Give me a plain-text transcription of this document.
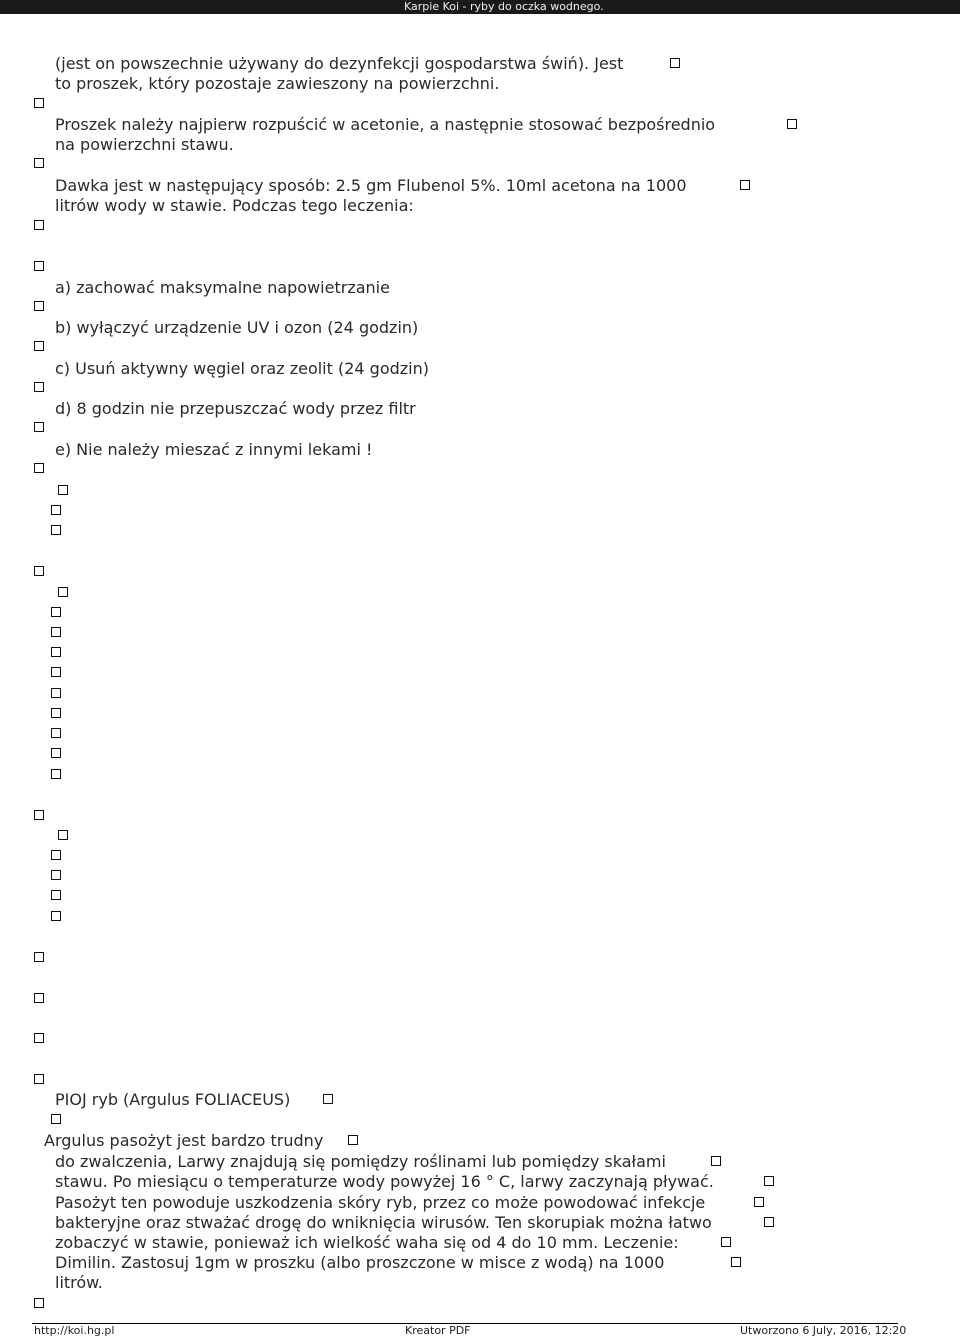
Karpie Koi - ryby do oczka wodnego.
(jest on powszechnie używany do dezynfekcji gospodarstwa świń). Jest
to proszek, który pozostaje zawieszony na powierzchni.
Proszek należy najpierw rozpuścić w acetonie, a następnie stosować bezpośrednio
na powierzchni stawu.
Dawka jest w następujący sposób: 2.5 gm Flubenol 5%. 10ml acetona na 1000
litrów wody w stawie. Podczas tego leczenia:
a) zachować maksymalne napowietrzanie
b) wyłączyć urządzenie UV i ozon (24 godzin)
c) Usuń aktywny węgiel oraz zeolit (24 godzin)
d) 8 godzin nie przepuszczać wody przez filtr
e) Nie należy mieszać z innymi lekami !
PIOJ ryb (Argulus FOLIACEUS)
Argulus pasożyt jest bardzo trudny
do zwalczenia, Larwy znajdują się pomiędzy roślinami lub pomiędzy skałami
stawu. Po miesiącu o temperaturze wody powyżej 16 ° C, larwy zaczynają pływać.
Pasożyt ten powoduje uszkodzenia skóry ryb, przez co może powodować infekcje
bakteryjne oraz stważać drogę do wniknięcia wirusów. Ten skorupiak można łatwo
zobaczyć w stawie, ponieważ ich wielkość waha się od 4 do 10 mm. Leczenie:
Dimilin. Zastosuj 1gm w proszku (albo proszczone w misce z wodą) na 1000
litrów.
http://koi.hg.pl	Kreator PDF	Utworzono 6 July, 2016, 12:20
